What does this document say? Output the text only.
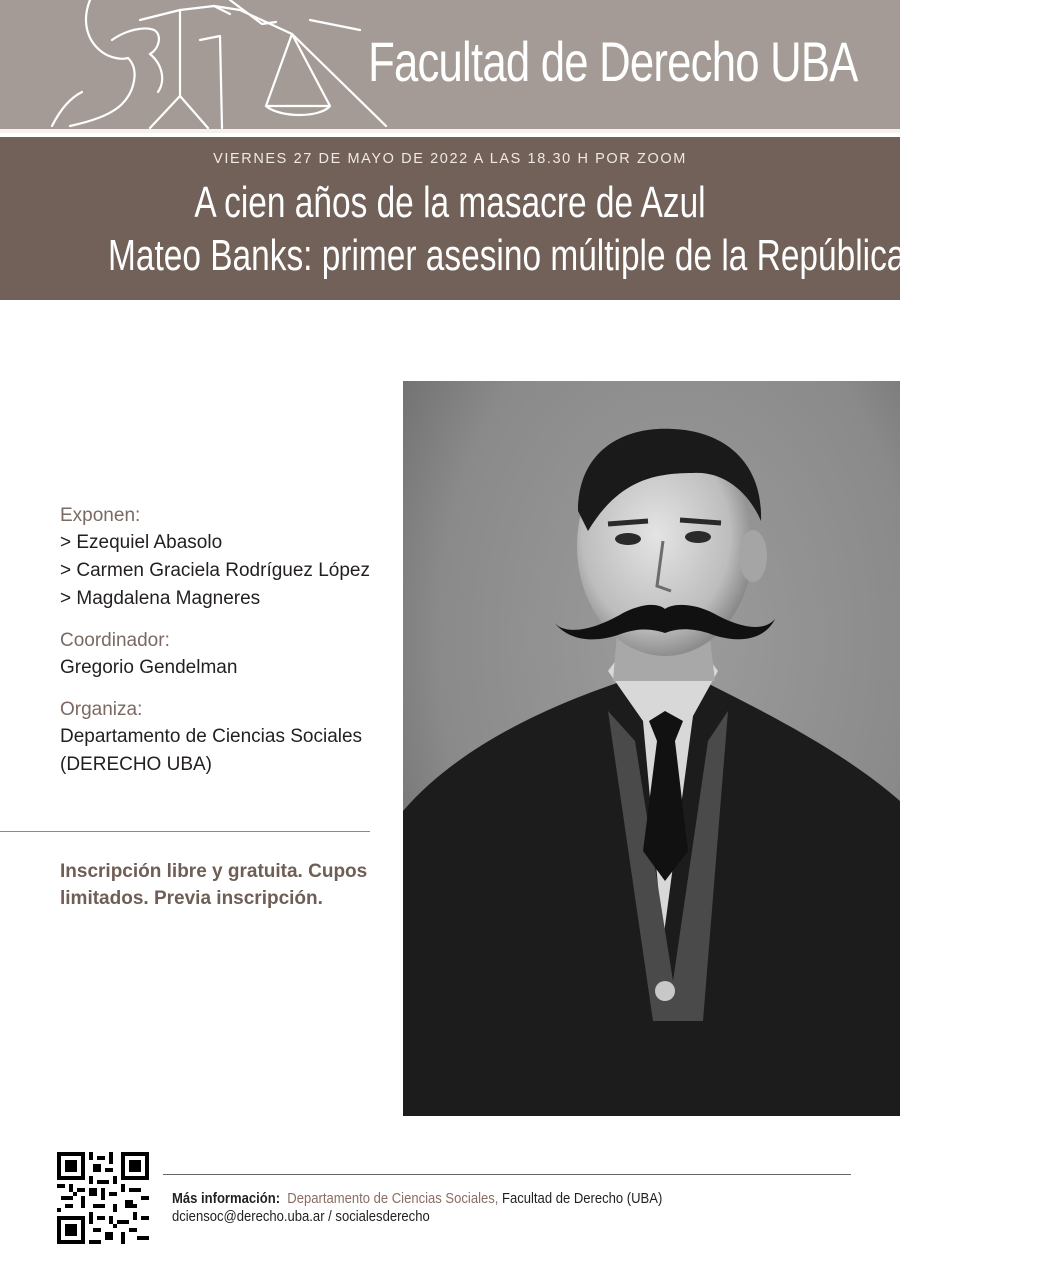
Facultad de Derecho UBA
VIERNES 27 DE MAYO DE 2022 A LAS 18.30 H POR ZOOM
A cien años de la masacre de Azul
Mateo Banks: primer asesino múltiple de la República Argentina
Exponen:
> Ezequiel Abasolo
> Carmen Graciela Rodríguez López
> Magdalena Magneres
Coordinador:
Gregorio Gendelman
Organiza:
Departamento de Ciencias Sociales
(DERECHO UBA)
Inscripción libre y gratuita. Cupos limitados. Previa inscripción.
Más información: Departamento de Ciencias Sociales, Facultad de Derecho (UBA)
dciensoc@derecho.uba.ar / socialesderecho
